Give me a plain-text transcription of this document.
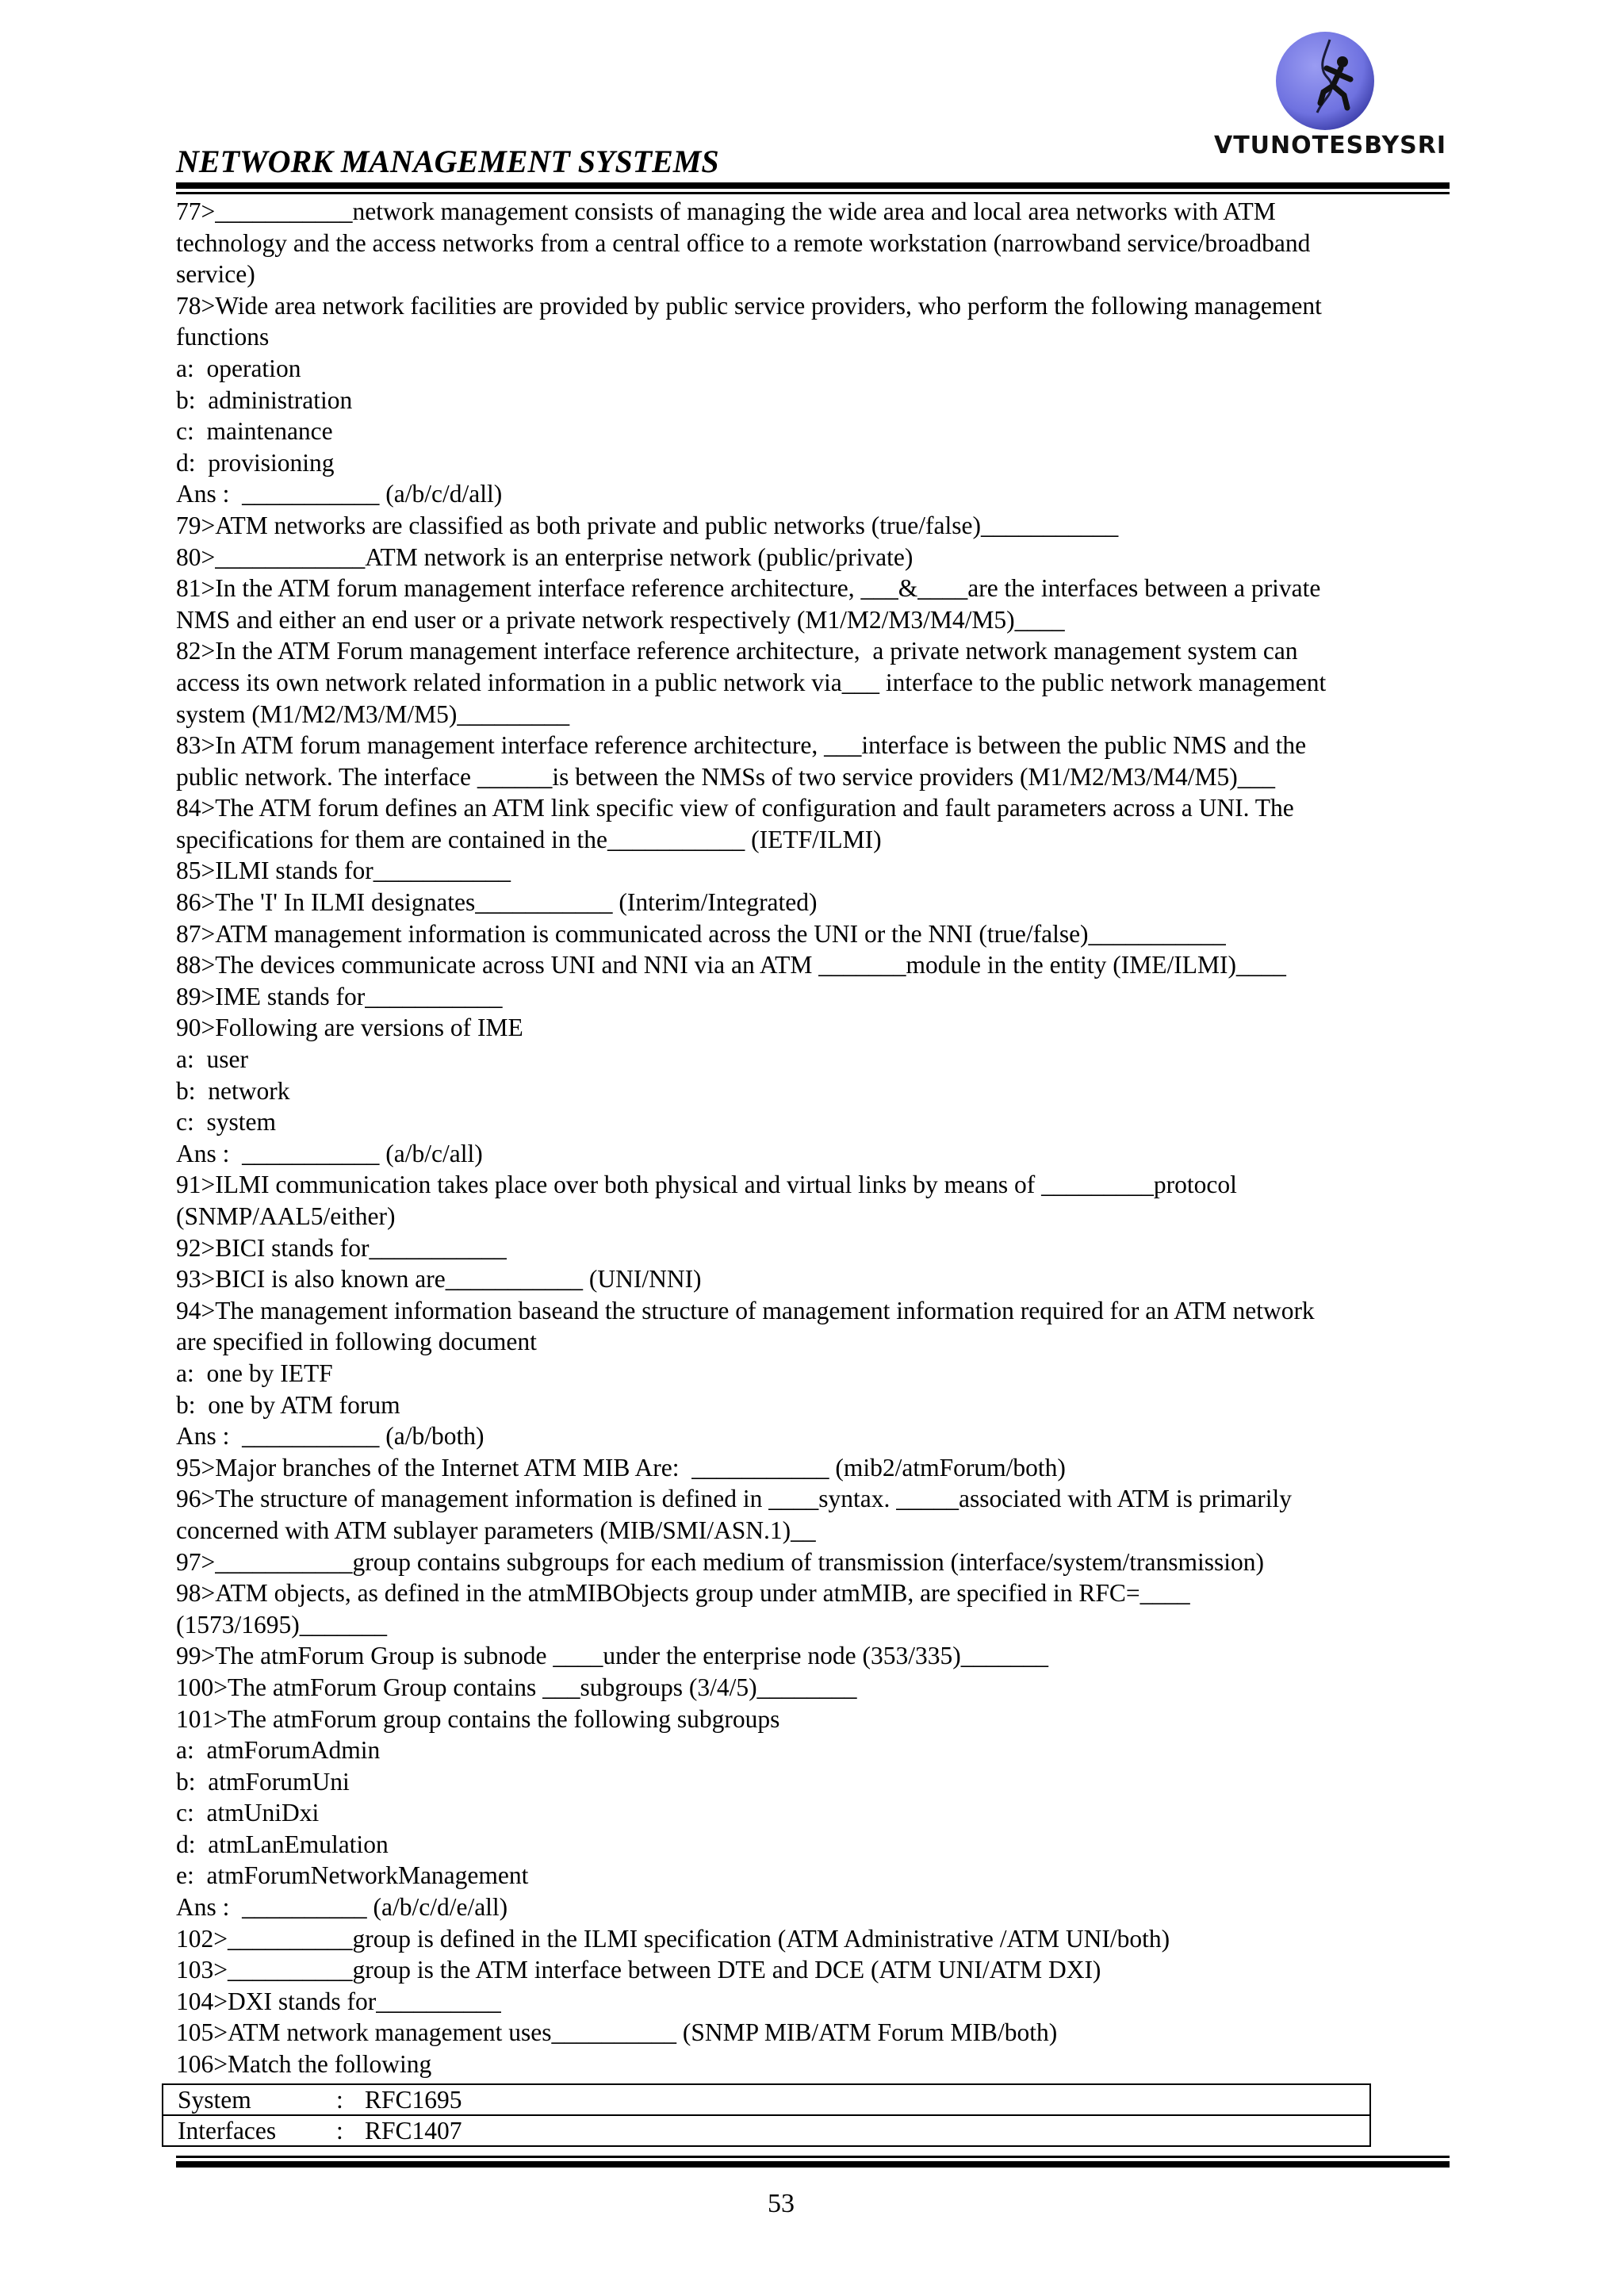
VTUNOTESBYSRI
NETWORK MANAGEMENT SYSTEMS
77>___________network management consists of managing the wide area and local area networks with ATM
technology and the access networks from a central office to a remote workstation (narrowband service/broadband
service)
78>Wide area network facilities are provided by public service providers, who perform the following management
functions
a:  operation
b:  administration
c:  maintenance
d:  provisioning
Ans :  ___________ (a/b/c/d/all)
79>ATM networks are classified as both private and public networks (true/false)___________
80>____________ATM network is an enterprise network (public/private)
81>In the ATM forum management interface reference architecture, ___&____are the interfaces between a private
NMS and either an end user or a private network respectively (M1/M2/M3/M4/M5)____
82>In the ATM Forum management interface reference architecture,  a private network management system can
access its own network related information in a public network via___ interface to the public network management
system (M1/M2/M3/M/M5)_________
83>In ATM forum management interface reference architecture, ___interface is between the public NMS and the
public network. The interface ______is between the NMSs of two service providers (M1/M2/M3/M4/M5)___
84>The ATM forum defines an ATM link specific view of configuration and fault parameters across a UNI. The
specifications for them are contained in the___________ (IETF/ILMI)
85>ILMI stands for___________
86>The 'I' In ILMI designates___________ (Interim/Integrated)
87>ATM management information is communicated across the UNI or the NNI (true/false)___________
88>The devices communicate across UNI and NNI via an ATM _______module in the entity (IME/ILMI)____
89>IME stands for___________
90>Following are versions of IME
a:  user
b:  network
c:  system
Ans :  ___________ (a/b/c/all)
91>ILMI communication takes place over both physical and virtual links by means of _________protocol
(SNMP/AAL5/either)
92>BICI stands for___________
93>BICI is also known are___________ (UNI/NNI)
94>The management information baseand the structure of management information required for an ATM network
are specified in following document
a:  one by IETF
b:  one by ATM forum
Ans :  ___________ (a/b/both)
95>Major branches of the Internet ATM MIB Are:  ___________ (mib2/atmForum/both)
96>The structure of management information is defined in ____syntax. _____associated with ATM is primarily
concerned with ATM sublayer parameters (MIB/SMI/ASN.1)__
97>___________group contains subgroups for each medium of transmission (interface/system/transmission)
98>ATM objects, as defined in the atmMIBObjects group under atmMIB, are specified in RFC=____
(1573/1695)_______
99>The atmForum Group is subnode ____under the enterprise node (353/335)_______
100>The atmForum Group contains ___subgroups (3/4/5)________
101>The atmForum group contains the following subgroups
a:  atmForumAdmin
b:  atmForumUni
c:  atmUniDxi
d:  atmLanEmulation
e:  atmForumNetworkManagement
Ans :  __________ (a/b/c/d/e/all)
102>__________group is defined in the ILMI specification (ATM Administrative /ATM UNI/both)
103>__________group is the ATM interface between DTE and DCE (ATM UNI/ATM DXI)
104>DXI stands for__________
105>ATM network management uses__________ (SNMP MIB/ATM Forum MIB/both)
106>Match the following
System	:	RFC1695
Interfaces	:	RFC1407
53
